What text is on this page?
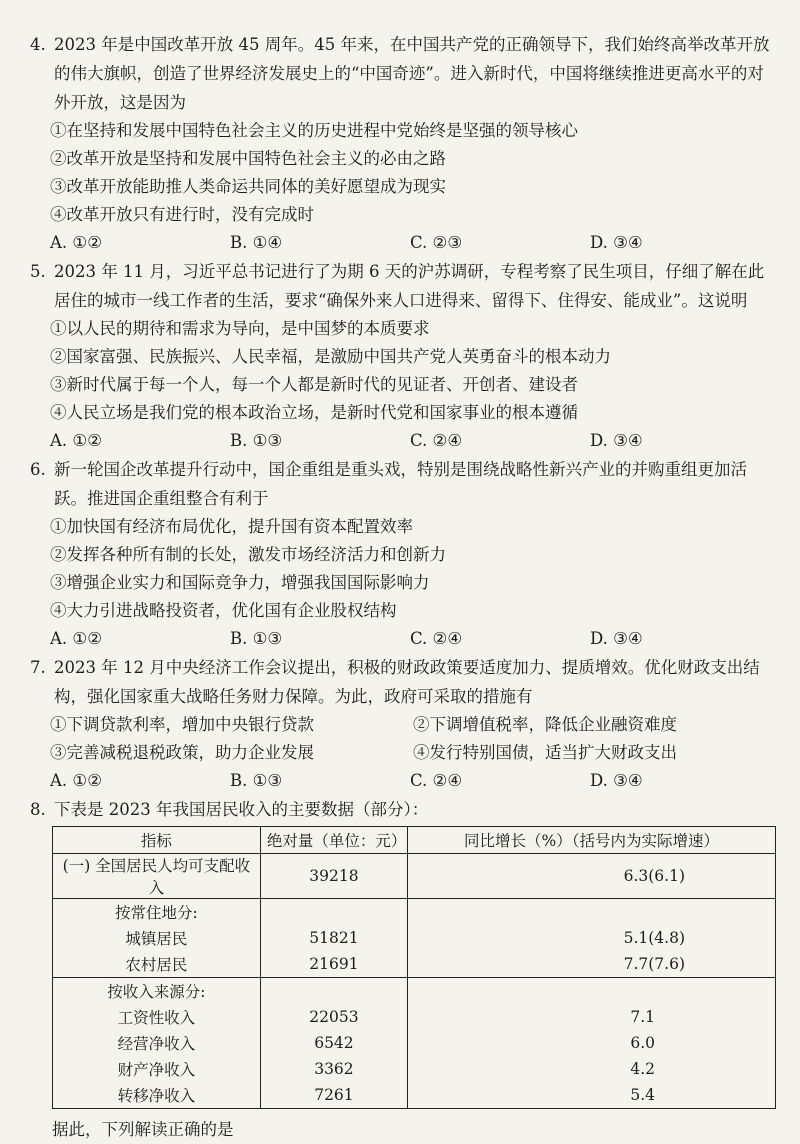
4. 2023 年是中国改革开放 45 周年。45 年来，在中国共产党的正确领导下，我们始终高举改革开放的伟大旗帜，创造了世界经济发展史上的“中国奇迹”。进入新时代，中国将继续推进更高水平的对外开放，这是因为
①在坚持和发展中国特色社会主义的历史进程中党始终是坚强的领导核心
②改革开放是坚持和发展中国特色社会主义的必由之路
③改革开放能助推人类命运共同体的美好愿望成为现实
④改革开放只有进行时，没有完成时
A. ①②	B. ①④	C. ②③	D. ③④
5. 2023 年 11 月，习近平总书记进行了为期 6 天的沪苏调研，专程考察了民生项目，仔细了解在此居住的城市一线工作者的生活，要求“确保外来人口进得来、留得下、住得安、能成业”。这说明
①以人民的期待和需求为导向，是中国梦的本质要求
②国家富强、民族振兴、人民幸福，是激励中国共产党人英勇奋斗的根本动力
③新时代属于每一个人，每一个人都是新时代的见证者、开创者、建设者
④人民立场是我们党的根本政治立场，是新时代党和国家事业的根本遵循
A. ①②	B. ①③	C. ②④	D. ③④
6. 新一轮国企改革提升行动中，国企重组是重头戏，特别是围绕战略性新兴产业的并购重组更加活跃。推进国企重组整合有利于
①加快国有经济布局优化，提升国有资本配置效率
②发挥各种所有制的长处，激发市场经济活力和创新力
③增强企业实力和国际竞争力，增强我国国际影响力
④大力引进战略投资者，优化国有企业股权结构
A. ①②	B. ①③	C. ②④	D. ③④
7. 2023 年 12 月中央经济工作会议提出，积极的财政政策要适度加力、提质增效。优化财政支出结构，强化国家重大战略任务财力保障。为此，政府可采取的措施有
①下调贷款利率，增加中央银行贷款	②下调增值税率，降低企业融资难度
③完善减税退税政策，助力企业发展	④发行特别国债，适当扩大财政支出
A. ①②	B. ①③	C. ②④	D. ③④
8. 下表是 2023 年我国居民收入的主要数据（部分）：
指标	绝对量（单位：元）	同比增长（%）（括号内为实际增速）
(一) 全国居民人均可支配收入	39218	6.3(6.1)
按常住地分:		
城镇居民	51821	5.1(4.8)
农村居民	21691	7.7(7.6)
按收入来源分:		
工资性收入	22053	7.1
经营净收入	6542	6.0
财产净收入	3362	4.2
转移净收入	7261	5.4
据此，下列解读正确的是
